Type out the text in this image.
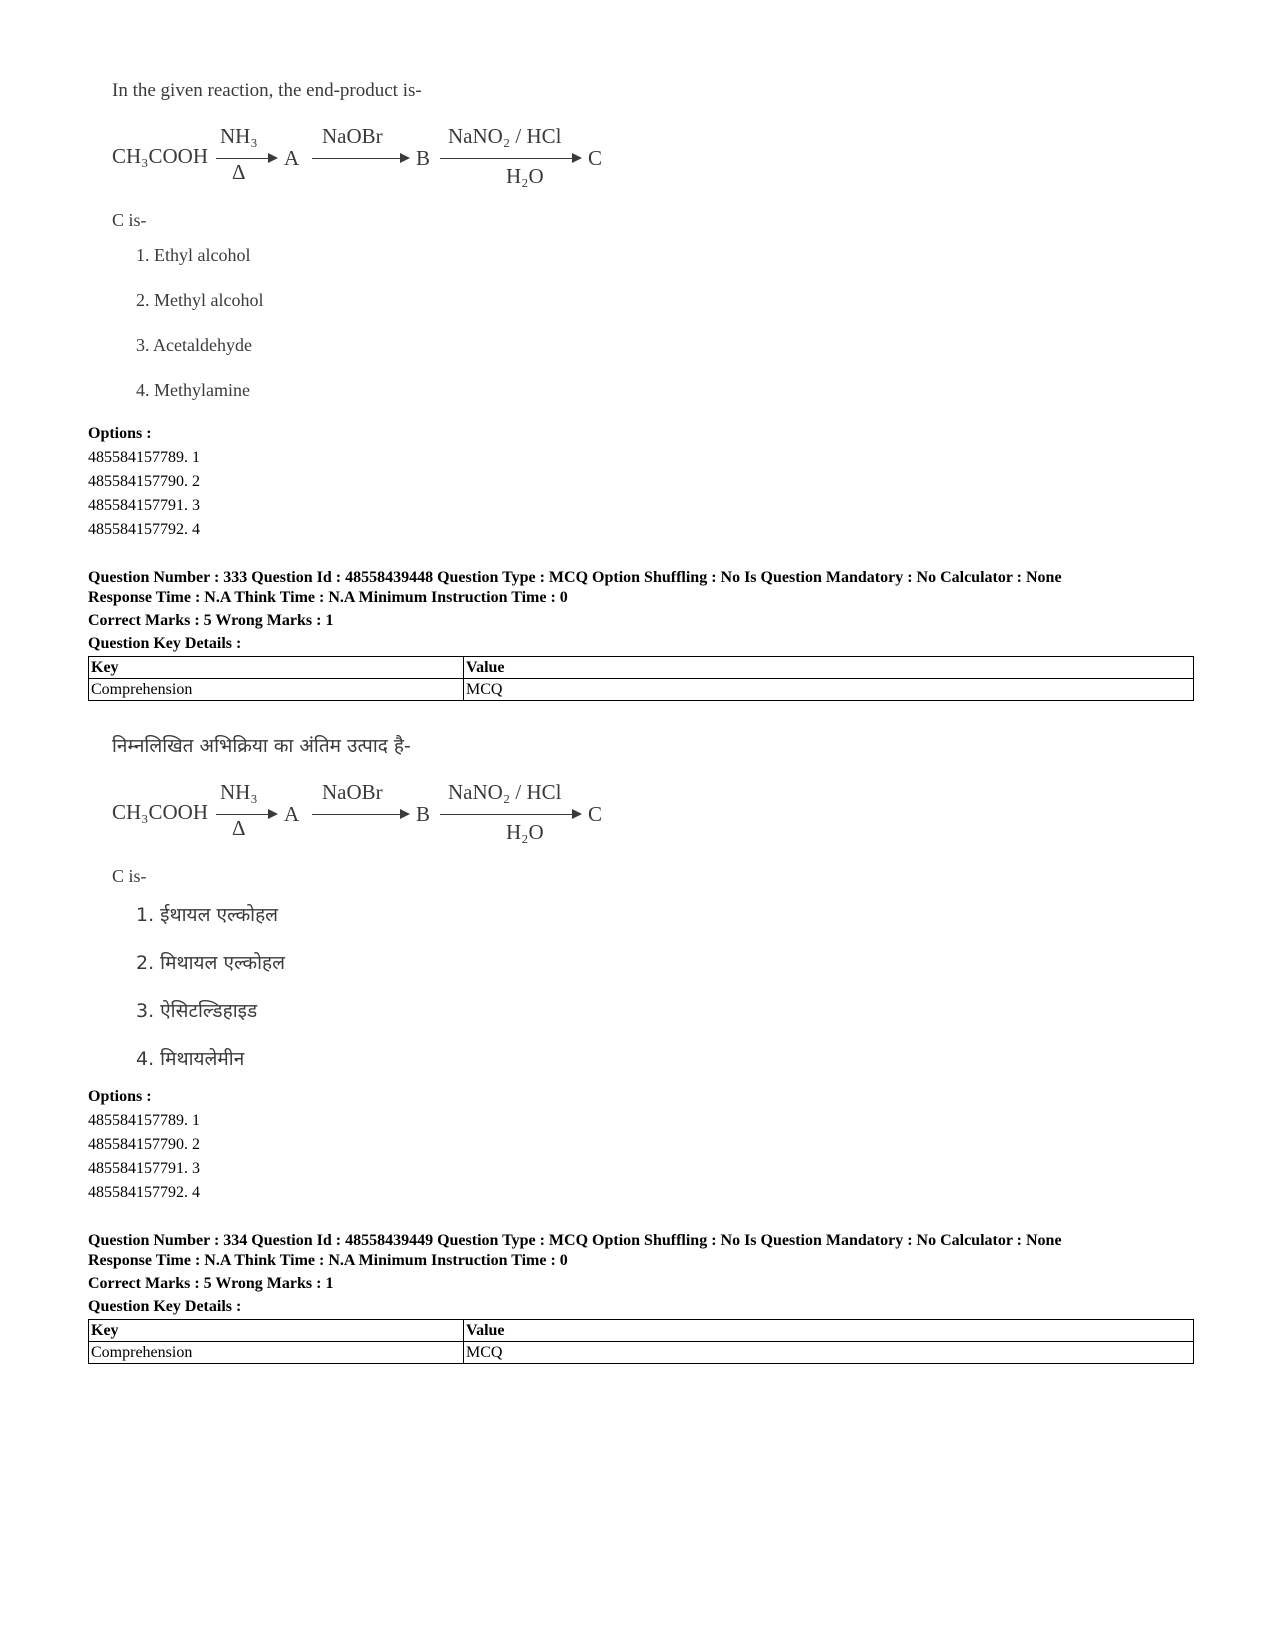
In the given reaction, the end-product is-
CH₃COOH
NH₃
Δ
A
NaOBr
B
NaNO₂ / HCl
H₂O
C
C is-
1. Ethyl alcohol
2. Methyl alcohol
3. Acetaldehyde
4. Methylamine
Options :
485584157789. 1
485584157790. 2
485584157791. 3
485584157792. 4
Question Number : 333 Question Id : 48558439448 Question Type : MCQ Option Shuffling : No Is Question Mandatory : No Calculator : None
Response Time : N.A Think Time : N.A Minimum Instruction Time : 0
Correct Marks : 5 Wrong Marks : 1
Question Key Details :
Key	Value
Comprehension	MCQ
निम्नलिखित अभिक्रिया का अंतिम उत्पाद है-
CH₃COOH
NH₃
Δ
A
NaOBr
B
NaNO₂ / HCl
H₂O
C
C is-
1. ईथायल एल्कोहल
2. मिथायल एल्कोहल
3. ऐसिटल्डिहाइड
4. मिथायलेमीन
Options :
485584157789. 1
485584157790. 2
485584157791. 3
485584157792. 4
Question Number : 334 Question Id : 48558439449 Question Type : MCQ Option Shuffling : No Is Question Mandatory : No Calculator : None
Response Time : N.A Think Time : N.A Minimum Instruction Time : 0
Correct Marks : 5 Wrong Marks : 1
Question Key Details :
Key	Value
Comprehension	MCQ
